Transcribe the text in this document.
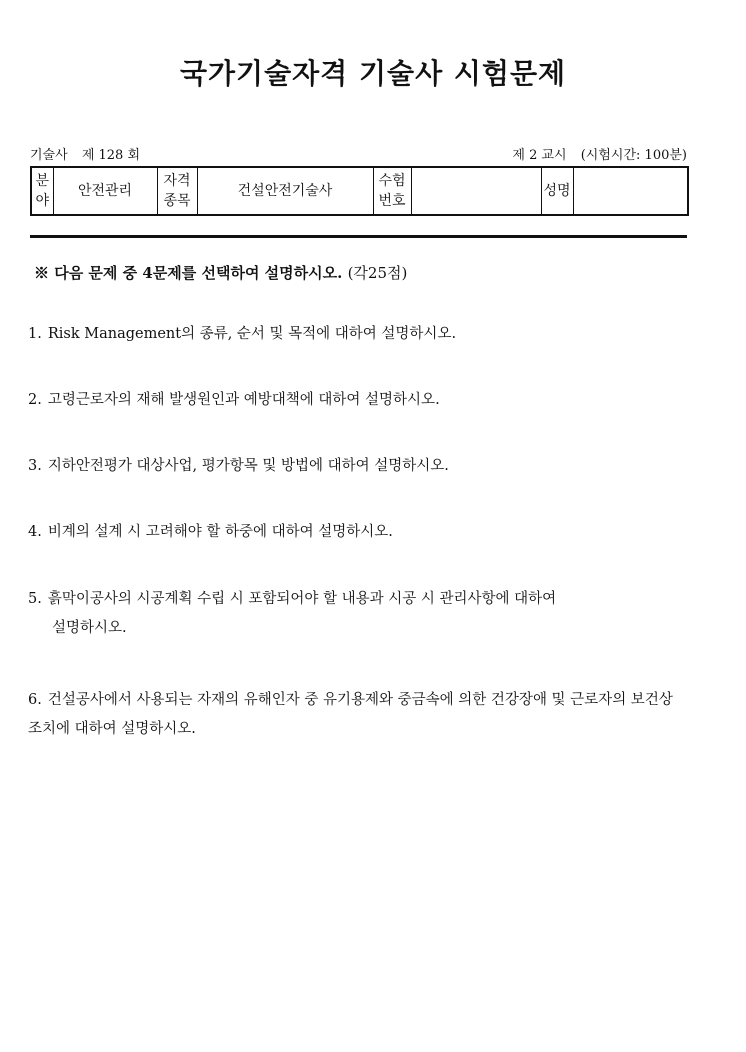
국가기술자격 기술사 시험문제
기술사 제 128 회	제 2 교시 (시험시간: 100분)
분야	안전관리	자격종목	건설안전기술사	수험번호		성명	
※ 다음 문제 중 4문제를 선택하여 설명하시오. (각25점)

1. Risk Management의 종류, 순서 및 목적에 대하여 설명하시오.

2. 고령근로자의 재해 발생원인과 예방대책에 대하여 설명하시오.

3. 지하안전평가 대상사업, 평가항목 및 방법에 대하여 설명하시오.

4. 비계의 설계 시 고려해야 할 하중에 대하여 설명하시오.

5. 흙막이공사의 시공계획 수립 시 포함되어야 할 내용과 시공 시 관리사항에 대하여
설명하시오.

6. 건설공사에서 사용되는 자재의 유해인자 중 유기용제와 중금속에 의한 건강장애 및 근로자의 보건상 조치에 대하여 설명하시오.
